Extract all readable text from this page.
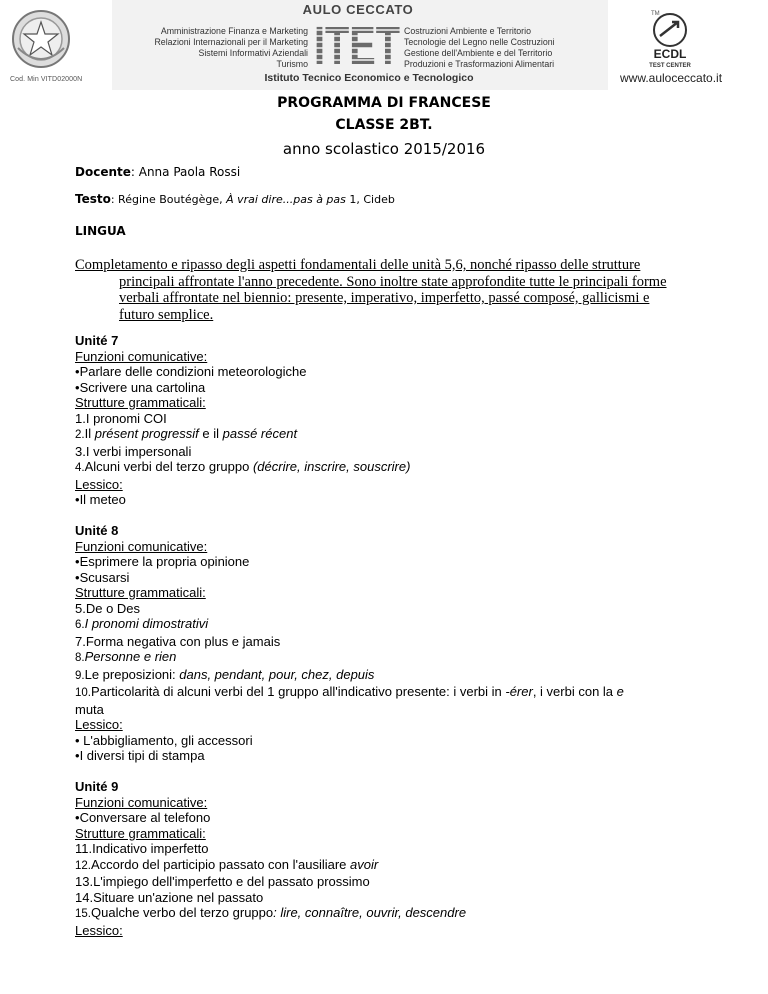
Cod. Min VITD02000N
AULO CECCATO
Amministrazione Finanza e Marketing
Relazioni Internazionali per il Marketing
Sistemi Informativi Aziendali
Turismo ITET Costruzioni Ambiente e Territorio
Tecnologie del Legno nelle Costruzioni
Gestione dell'Ambiente e del Territorio
Produzioni e Trasformazioni Alimentari
Istituto Tecnico Economico e Tecnologico
TM
ECDL
TEST CENTER
www.auloceccato.it
PROGRAMMA DI FRANCESE
CLASSE 2BT.
anno scolastico 2015/2016
Docente: Anna Paola Rossi
Testo: Régine Boutégège, À vrai dire...pas à pas 1, Cideb
LINGUA
Completamento e ripasso degli aspetti fondamentali delle unità 5,6, nonché ripasso delle strutture
principali affrontate l'anno precedente. Sono inoltre state approfondite tutte le principali forme verbali affrontate nel biennio: presente, imperativo, imperfetto, passé composé, gallicismi e futuro semplice.
Unité 7
Funzioni comunicative:
• Parlare delle condizioni meteorologiche
• Scrivere una cartolina
Strutture grammaticali:
1.I pronomi COI
2.Il présent progressif e il passé récent
3.I verbi impersonali
4.Alcuni verbi del terzo gruppo (décrire, inscrire, souscrire)
Lessico:
• Il meteo
Unité 8
Funzioni comunicative:
• Esprimere la propria opinione
• Scusarsi
Strutture grammaticali:
5.De o Des
6.I pronomi dimostrativi
7.Forma negativa con plus e jamais
8.Personne e rien
9.Le preposizioni: dans, pendant, pour, chez, depuis
10.Particolarità di alcuni verbi del 1 gruppo all'indicativo presente: i verbi in -érer, i verbi con la e
muta
Lessico:
• L'abbigliamento, gli accessori
• I diversi tipi di stampa
Unité 9
Funzioni comunicative:
• Conversare al telefono
Strutture grammaticali:
11.Indicativo imperfetto
12.Accordo del participio passato con l'ausiliare avoir
13.L'impiego dell'imperfetto e del passato prossimo
14.Situare un'azione nel passato
15.Qualche verbo del terzo gruppo: lire, connaître, ouvrir, descendre
Lessico:
